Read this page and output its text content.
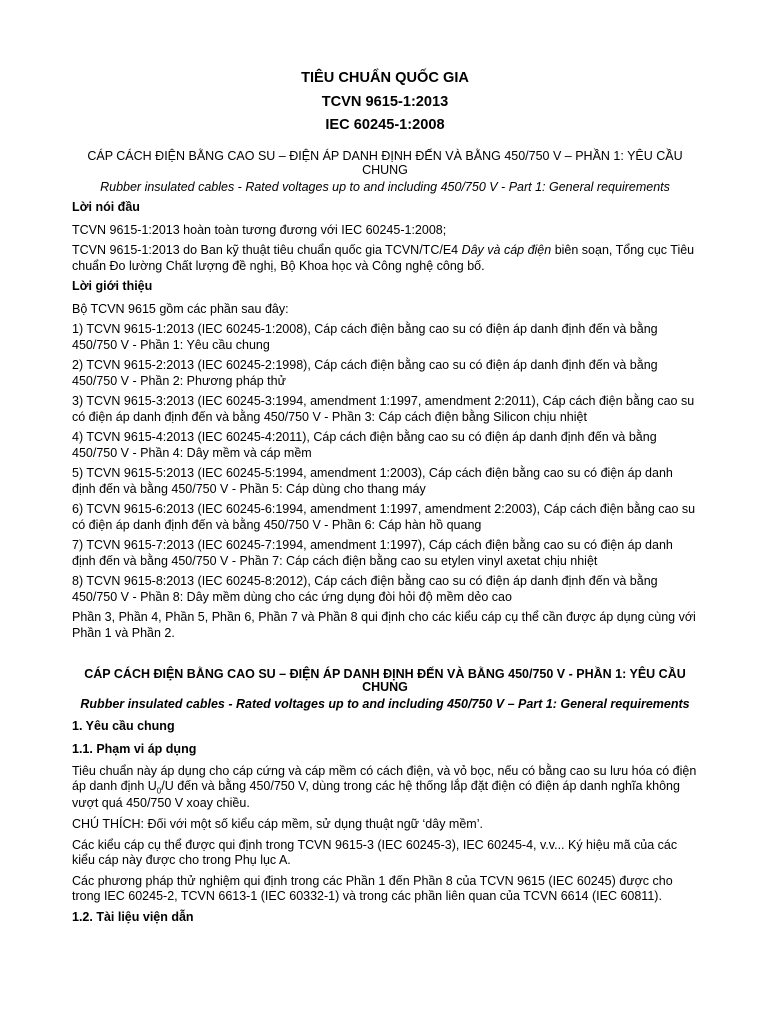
TIÊU CHUẨN QUỐC GIA
TCVN 9615-1:2013
IEC 60245-1:2008
CÁP CÁCH ĐIỆN BẰNG CAO SU – ĐIỆN ÁP DANH ĐỊNH ĐẾN VÀ BẰNG 450/750 V – PHẦN 1: YÊU CẦU CHUNG

Rubber insulated cables - Rated voltages up to and including 450/750 V - Part 1: General requirements

Lời nói đầu

TCVN 9615-1:2013 hoàn toàn tương đương với IEC 60245-1:2008;

TCVN 9615-1:2013 do Ban kỹ thuật tiêu chuẩn quốc gia TCVN/TC/E4 Dây và cáp điện biên soạn, Tổng cục Tiêu chuẩn Đo lường Chất lượng đề nghị, Bộ Khoa học và Công nghệ công bố.

Lời giới thiệu

Bộ TCVN 9615 gồm các phần sau đây:

1) TCVN 9615-1:2013 (IEC 60245-1:2008), Cáp cách điện bằng cao su có điện áp danh định đến và bằng 450/750 V - Phần 1: Yêu cầu chung

2) TCVN 9615-2:2013 (IEC 60245-2:1998), Cáp cách điện bằng cao su có điện áp danh định đến và bằng 450/750 V - Phần 2: Phương pháp thử

3) TCVN 9615-3:2013 (IEC 60245-3:1994, amendment 1:1997, amendment 2:2011), Cáp cách điện bằng cao su có điện áp danh định đến và bằng 450/750 V - Phần 3: Cáp cách điện bằng Silicon chịu nhiệt

4) TCVN 9615-4:2013 (IEC 60245-4:2011), Cáp cách điện bằng cao su có điện áp danh định đến và bằng 450/750 V - Phần 4: Dây mềm và cáp mềm

5) TCVN 9615-5:2013 (IEC 60245-5:1994, amendment 1:2003), Cáp cách điện bằng cao su có điện áp danh định đến và bằng 450/750 V - Phần 5: Cáp dùng cho thang máy

6) TCVN 9615-6:2013 (IEC 60245-6:1994, amendment 1:1997, amendment 2:2003), Cáp cách điện bằng cao su có điện áp danh định đến và bằng 450/750 V - Phần 6: Cáp hàn hồ quang

7) TCVN 9615-7:2013 (IEC 60245-7:1994, amendment 1:1997), Cáp cách điện bằng cao su có điện áp danh định đến và bằng 450/750 V - Phần 7: Cáp cách điện bằng cao su etylen vinyl axetat chịu nhiệt

8) TCVN 9615-8:2013 (IEC 60245-8:2012), Cáp cách điện bằng cao su có điện áp danh định đến và bằng 450/750 V - Phần 8: Dây mềm dùng cho các ứng dụng đòi hỏi độ mềm dẻo cao

Phần 3, Phần 4, Phần 5, Phần 6, Phần 7 và Phần 8 qui định cho các kiểu cáp cụ thể cần được áp dụng cùng với Phần 1 và Phần 2.

CÁP CÁCH ĐIỆN BẰNG CAO SU – ĐIỆN ÁP DANH ĐỊNH ĐẾN VÀ BẰNG 450/750 V - PHẦN 1: YÊU CẦU CHUNG

Rubber insulated cables - Rated voltages up to and including 450/750 V – Part 1: General requirements

1. Yêu cầu chung
1.1. Phạm vi áp dụng

Tiêu chuẩn này áp dụng cho cáp cứng và cáp mềm có cách điện, và vỏ bọc, nếu có bằng cao su lưu hóa có điện áp danh định $U_0/U$ đến và bằng 450/750 V, dùng trong các hệ thống lắp đặt điện có điện áp danh nghĩa không vượt quá 450/750 V xoay chiều.

CHÚ THÍCH: Đối với một số kiểu cáp mềm, sử dụng thuật ngữ ‘dây mềm’.

Các kiểu cáp cụ thể được qui định trong TCVN 9615-3 (IEC 60245-3), IEC 60245-4, v.v... Ký hiệu mã của các kiểu cáp này được cho trong Phụ lục A.

Các phương pháp thử nghiệm qui định trong các Phần 1 đến Phần 8 của TCVN 9615 (IEC 60245) được cho trong IEC 60245-2, TCVN 6613-1 (IEC 60332-1) và trong các phần liên quan của TCVN 6614 (IEC 60811).

1.2. Tài liệu viện dẫn
